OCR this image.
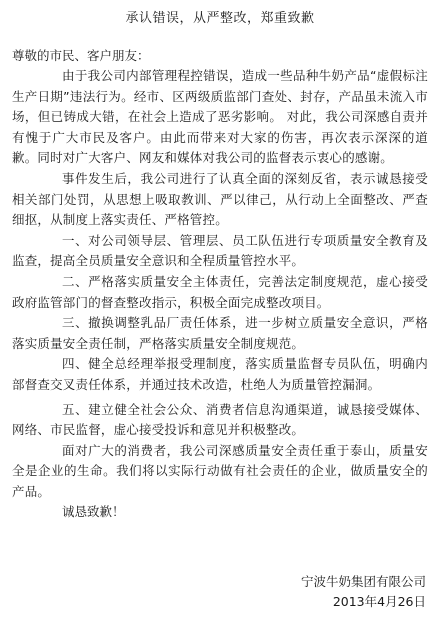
承认错误，从严整改，郑重致歉
尊敬的市民、客户朋友：

由于我公司内部管理程控错误，造成一些品种牛奶产品“虚假标注生产日期”违法行为。经市、区两级质监部门查处、封存，产品虽未流入市场，但已铸成大错，在社会上造成了恶劣影响。 对此，我公司深感自责并有愧于广大市民及客户。由此而带来对大家的伤害，再次表示深深的道歉。同时对广大客户、网友和媒体对我公司的监督表示衷心的感谢。

事件发生后，我公司进行了认真全面的深刻反省，表示诚恳接受相关部门处罚，从思想上吸取教训、严以律己，从行动上全面整改、严查细抠，从制度上落实责任、严格管控。

一、对公司领导层、管理层、员工队伍进行专项质量安全教育及监查，提高全员质量安全意识和全程质量管控水平。

二、严格落实质量安全主体责任，完善法定制度规范，虚心接受政府监管部门的督查整改指示，积极全面完成整改项目。

三、撤换调整乳品厂责任体系，进一步树立质量安全意识，严格落实质量安全责任制，严格落实质量安全制度规范。

四、健全总经理举报受理制度，落实质量监督专员队伍，明确内部督查交叉责任体系，并通过技术改造，杜绝人为质量管控漏洞。

五、建立健全社会公众、消费者信息沟通渠道，诚恳接受媒体、网络、市民监督，虚心接受投诉和意见并积极整改。

面对广大的消费者，我公司深感质量安全责任重于泰山，质量安全是企业的生命。我们将以实际行动做有社会责任的企业，做质量安全的产品。

诚恳致歉！
宁波牛奶集团有限公司
2013年4月26日
